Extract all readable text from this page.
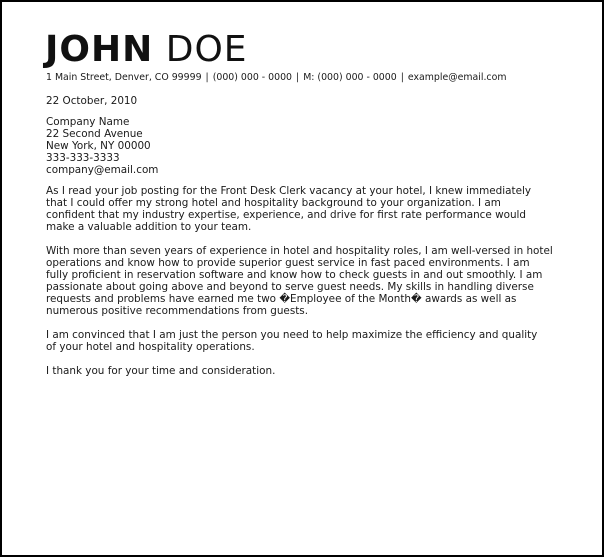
JOHN DOE
1 Main Street, Denver, CO 99999 | (000) 000 - 0000 | M: (000) 000 - 0000 | example@email.com
22 October, 2010
Company Name
22 Second Avenue
New York, NY 00000
333-333-3333
company@email.com
As I read your job posting for the Front Desk Clerk vacancy at your hotel, I knew immediately
that I could offer my strong hotel and hospitality background to your organization. I am
confident that my industry expertise, experience, and drive for first rate performance would
make a valuable addition to your team.
With more than seven years of experience in hotel and hospitality roles, I am well-versed in hotel
operations and know how to provide superior guest service in fast paced environments. I am
fully proficient in reservation software and know how to check guests in and out smoothly. I am
passionate about going above and beyond to serve guest needs. My skills in handling diverse
requests and problems have earned me two �Employee of the Month� awards as well as
numerous positive recommendations from guests.
I am convinced that I am just the person you need to help maximize the efficiency and quality
of your hotel and hospitality operations.
I thank you for your time and consideration.
